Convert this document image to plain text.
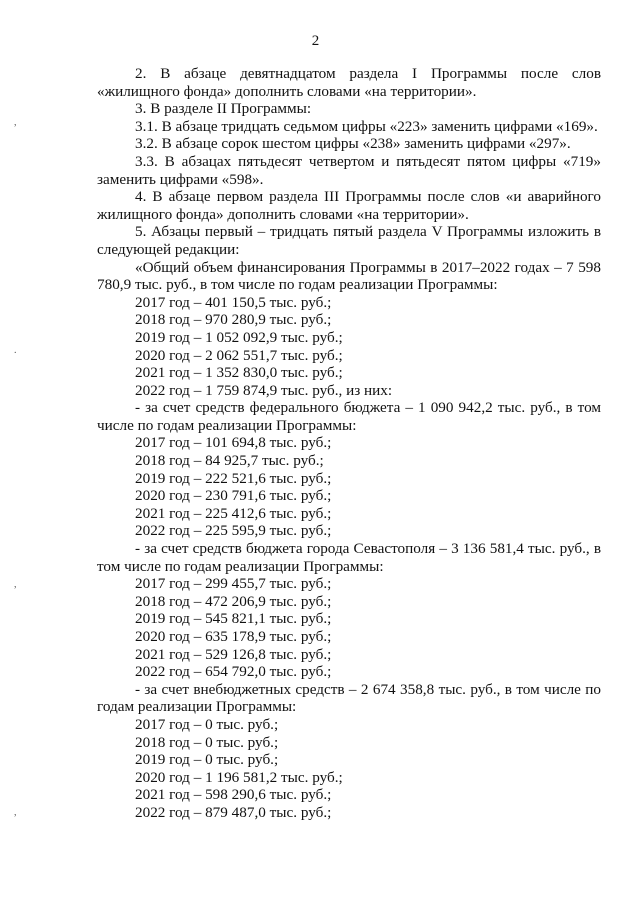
2
,
.
,
,

2. В абзаце девятнадцатом раздела I Программы после слов «жилищного фонда» дополнить словами «на территории».

3. В разделе II Программы:

3.1. В абзаце тридцать седьмом цифры «223» заменить цифрами «169».

3.2. В абзаце сорок шестом цифры «238» заменить цифрами «297».

3.3. В абзацах пятьдесят четвертом и пятьдесят пятом цифры «719» заменить цифрами «598».

4. В абзаце первом раздела III Программы после слов «и аварийного жилищного фонда» дополнить словами «на территории».

5. Абзацы первый – тридцать пятый раздела V Программы изложить в следующей редакции:

«Общий объем финансирования Программы в 2017–2022 годах – 7 598 780,9 тыс. руб., в том числе по годам реализации Программы:

2017 год – 401 150,5 тыс. руб.;

2018 год – 970 280,9 тыс. руб.;

2019 год – 1 052 092,9 тыс. руб.;

2020 год – 2 062 551,7 тыс. руб.;

2021 год – 1 352 830,0 тыс. руб.;

2022 год – 1 759 874,9 тыс. руб., из них:

- за счет средств федерального бюджета – 1 090 942,2 тыс. руб., в том числе по годам реализации Программы:

2017 год – 101 694,8 тыс. руб.;

2018 год – 84 925,7 тыс. руб.;

2019 год – 222 521,6 тыс. руб.;

2020 год – 230 791,6 тыс. руб.;

2021 год – 225 412,6 тыс. руб.;

2022 год – 225 595,9 тыс. руб.;

- за счет средств бюджета города Севастополя – 3 136 581,4 тыс. руб., в том числе по годам реализации Программы:

2017 год – 299 455,7 тыс. руб.;

2018 год – 472 206,9 тыс. руб.;

2019 год – 545 821,1 тыс. руб.;

2020 год – 635 178,9 тыс. руб.;

2021 год – 529 126,8 тыс. руб.;

2022 год – 654 792,0 тыс. руб.;

- за счет внебюджетных средств – 2 674 358,8 тыс. руб., в том числе по годам реализации Программы:

2017 год – 0 тыс. руб.;

2018 год – 0 тыс. руб.;

2019 год – 0 тыс. руб.;

2020 год – 1 196 581,2 тыс. руб.;

2021 год – 598 290,6 тыс. руб.;

2022 год – 879 487,0 тыс. руб.;
